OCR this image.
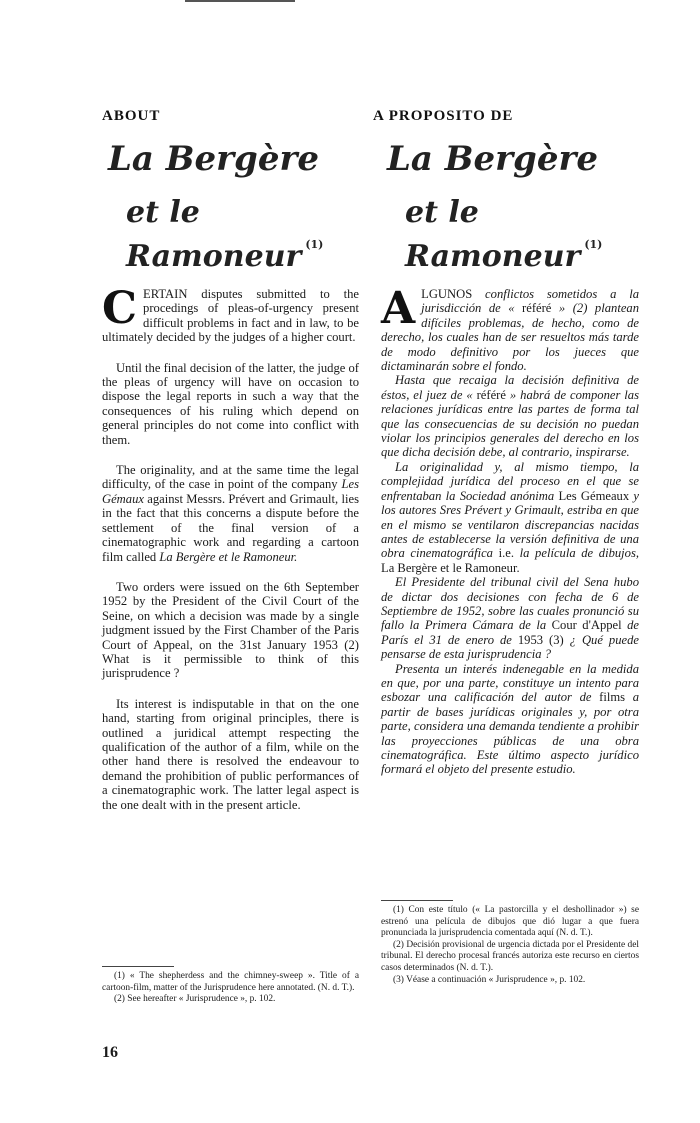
ABOUT
La Bergère
et le Ramoneur $^{(1)}$

CERTAIN disputes submitted to the procedings of pleas-of-urgency present difficult problems in fact and in law, to be ultimately decided by the judges of a higher court.

Until the final decision of the latter, the judge of the pleas of urgency will have on occasion to dispose the legal reports in such a way that the consequences of his ruling which depend on general principles do not come into conflict with them.

The originality, and at the same time the legal difficulty, of the case in point of the company Les Gémaux against Messrs. Prévert and Grimault, lies in the fact that this concerns a dispute before the settlement of the final version of a cinematographic work and regarding a cartoon film called La Bergère et le Ramoneur.

Two orders were issued on the 6th September 1952 by the President of the Civil Court of the Seine, on which a decision was made by a single judgment issued by the First Chamber of the Paris Court of Appeal, on the 31st January 1953 (2) What is it permissible to think of this jurisprudence ?

Its interest is indisputable in that on the one hand, starting from original principles, there is outlined a juridical attempt respecting the qualification of the author of a film, while on the other hand there is resolved the endeavour to demand the prohibition of public performances of a cinematographic work. The latter legal aspect is the one dealt with in the present article.

(1) « The shepherdess and the chimney-sweep ». Title of a cartoon-film, matter of the Jurisprudence here annotated. (N. d. T.).

(2) See hereafter « Jurisprudence », p. 102.

A PROPOSITO DE
La Bergère
et le Ramoneur $^{(1)}$

ALGUNOS conflictos sometidos a la jurisdicción de « référé » (2) plantean difíciles problemas, de hecho, como de derecho, los cuales han de ser resueltos más tarde de modo definitivo por los jueces que dictaminarán sobre el fondo.

Hasta que recaiga la decisión definitiva de éstos, el juez de « référé » habrá de componer las relaciones jurídicas entre las partes de forma tal que las consecuencias de su decisión no puedan violar los principios generales del derecho en los que dicha decisión debe, al contrario, inspirarse.

La originalidad y, al mismo tiempo, la complejidad jurídica del proceso en el que se enfrentaban la Sociedad anónima Les Gémeaux y los autores Sres Prévert y Grimault, estriba en que en el mismo se ventilaron discrepancias nacidas antes de establecerse la versión definitiva de una obra cinematográfica i.e. la película de dibujos, La Bergère et le Ramoneur.

El Presidente del tribunal civil del Sena hubo de dictar dos decisiones con fecha de 6 de Septiembre de 1952, sobre las cuales pronunció su fallo la Primera Cámara de la Cour d'Appel de París el 31 de enero de 1953 (3) ¿ Qué puede pensarse de esta jurisprudencia ?

Presenta un interés indenegable en la medida en que, por una parte, constituye un intento para esbozar una calificación del autor de films a partir de bases jurídicas originales y, por otra parte, considera una demanda tendiente a prohibir las proyecciones públicas de una obra cinematográfica. Este último aspecto jurídico formará el objeto del presente estudio.

(1) Con este título (« La pastorcilla y el deshollinador ») se estrenó una película de dibujos que dió lugar a que fuera pronunciada la jurisprudencia comentada aquí (N. d. T.).

(2) Decisión provisional de urgencia dictada por el Presidente del tribunal. El derecho procesal francés autoriza este recurso en ciertos casos determinados (N. d. T.).

(3) Véase a continuación « Jurisprudence », p. 102.

16
